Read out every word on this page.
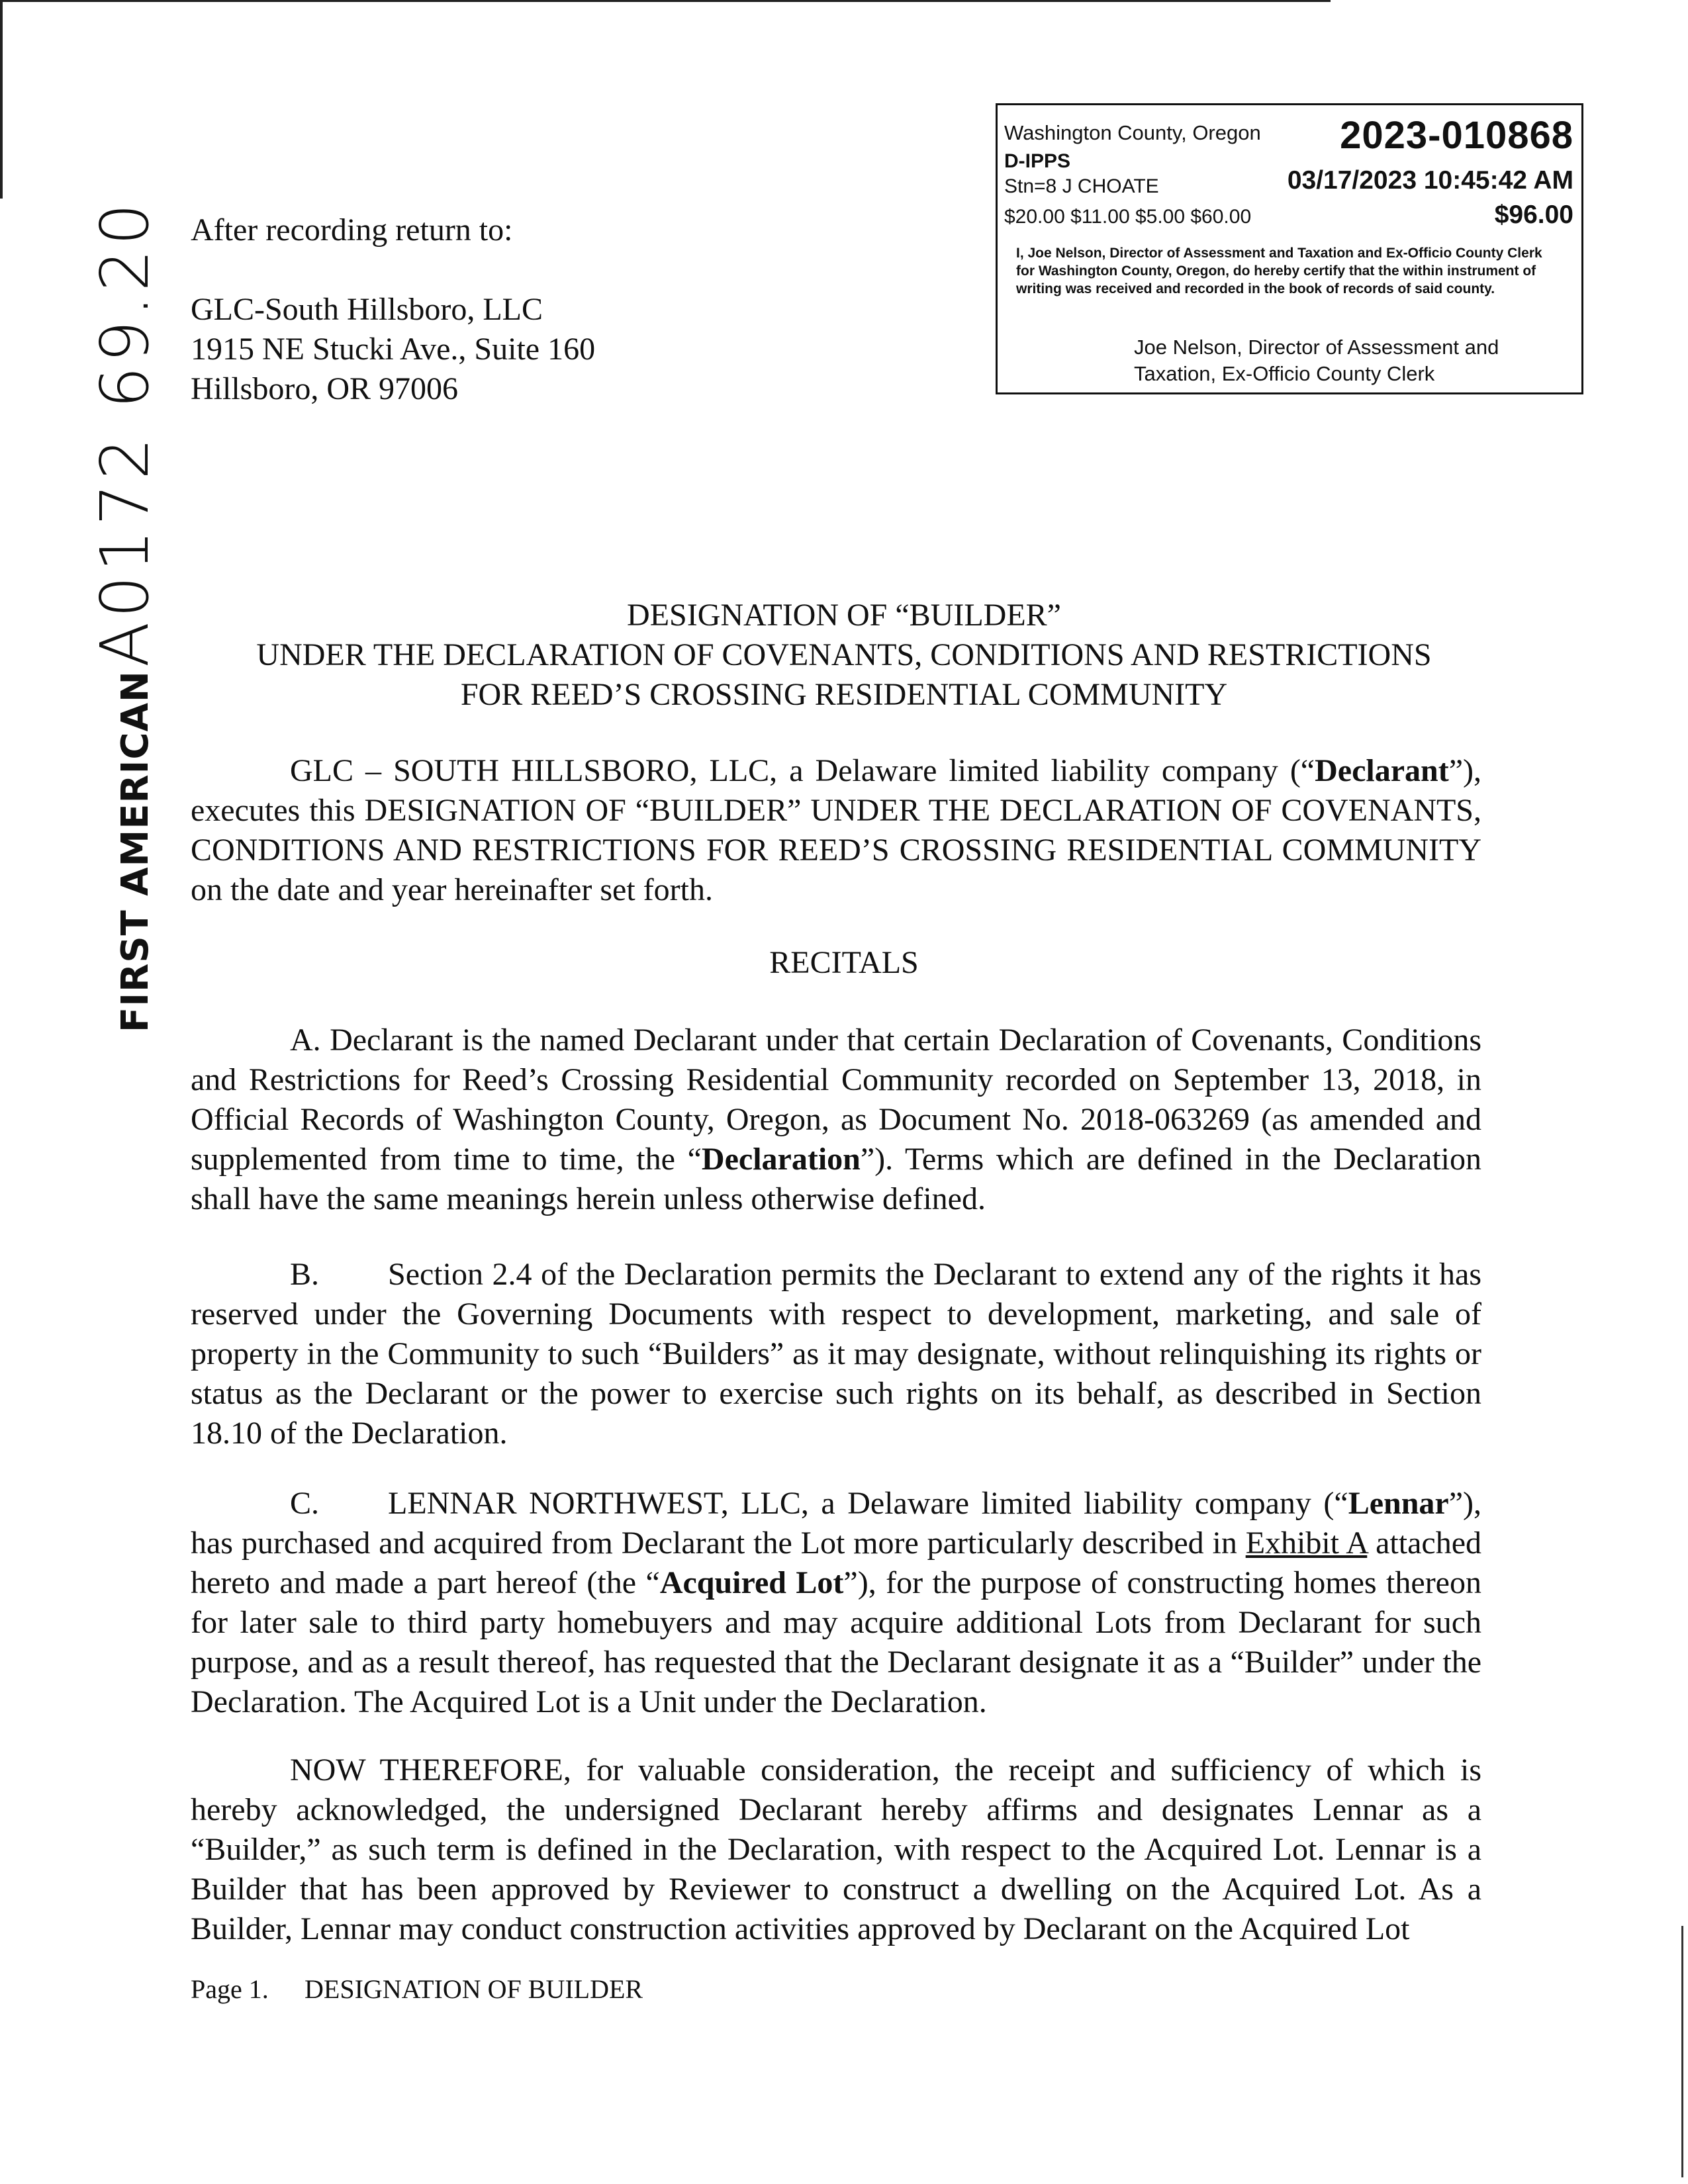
After recording return to:
GLC-South Hillsboro, LLC
1915 NE Stucki Ave., Suite 160
Hillsboro, OR 97006
Washington County, Oregon 2023-010868
D-IPPS
Stn=8 J CHOATE	03/17/2023 10:45:42 AM
$20.00 $11.00 $5.00 $60.00	$96.00
I, Joe Nelson, Director of Assessment and Taxation and Ex-Officio County Clerk for Washington County, Oregon, do hereby certify that the within instrument of writing was received and recorded in the book of records of said county.
Joe Nelson, Director of Assessment and Taxation, Ex-Officio County Clerk
FIRST AMERICAN A0172 69.20	DESIGNATION OF “BUILDER”
UNDER THE DECLARATION OF COVENANTS, CONDITIONS AND RESTRICTIONS
FOR REED’S CROSSING RESIDENTIAL COMMUNITY
GLC – SOUTH HILLSBORO, LLC, a Delaware limited liability company (“Declarant”), executes this DESIGNATION OF “BUILDER” UNDER THE DECLARATION OF COVENANTS, CONDITIONS AND RESTRICTIONS FOR REED’S CROSSING RESIDENTIAL COMMUNITY on the date and year hereinafter set forth.
RECITALS
A. Declarant is the named Declarant under that certain Declaration of Covenants, Conditions and Restrictions for Reed’s Crossing Residential Community recorded on September 13, 2018, in Official Records of Washington County, Oregon, as Document No. 2018-063269 (as amended and supplemented from time to time, the “Declaration”). Terms which are defined in the Declaration shall have the same meanings herein unless otherwise defined.
B. Section 2.4 of the Declaration permits the Declarant to extend any of the rights it has reserved under the Governing Documents with respect to development, marketing, and sale of property in the Community to such “Builders” as it may designate, without relinquishing its rights or status as the Declarant or the power to exercise such rights on its behalf, as described in Section 18.10 of the Declaration.
C. LENNAR NORTHWEST, LLC, a Delaware limited liability company (“Lennar”), has purchased and acquired from Declarant the Lot more particularly described in Exhibit A attached hereto and made a part hereof (the “Acquired Lot”), for the purpose of constructing homes thereon for later sale to third party homebuyers and may acquire additional Lots from Declarant for such purpose, and as a result thereof, has requested that the Declarant designate it as a “Builder” under the Declaration. The Acquired Lot is a Unit under the Declaration.
NOW THEREFORE, for valuable consideration, the receipt and sufficiency of which is hereby acknowledged, the undersigned Declarant hereby affirms and designates Lennar as a “Builder,” as such term is defined in the Declaration, with respect to the Acquired Lot. Lennar is a Builder that has been approved by Reviewer to construct a dwelling on the Acquired Lot. As a Builder, Lennar may conduct construction activities approved by Declarant on the Acquired Lot
Page 1. DESIGNATION OF BUILDER
